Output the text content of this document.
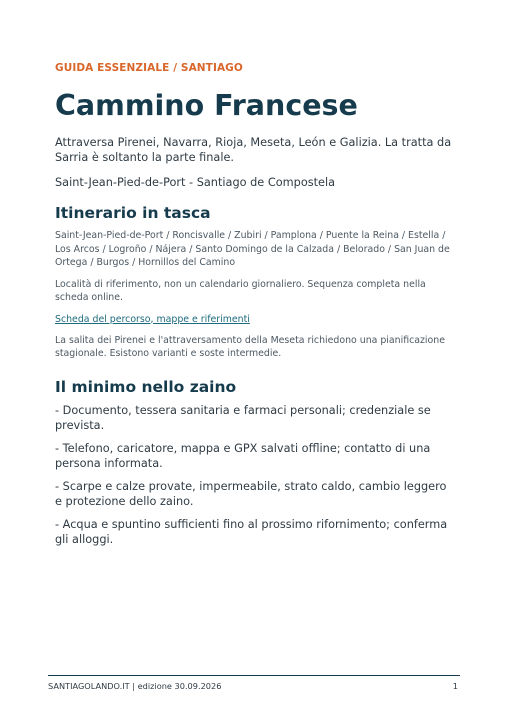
GUIDA ESSENZIALE / SANTIAGO

Cammino Francese

Attraversa Pirenei, Navarra, Rioja, Meseta, León e Galizia. La tratta da Sarria è soltanto la parte finale.

Saint-Jean-Pied-de-Port - Santiago de Compostela

Itinerario in tasca

Saint-Jean-Pied-de-Port / Roncisvalle / Zubiri / Pamplona / Puente la Reina / Estella / Los Arcos / Logroño / Nájera / Santo Domingo de la Calzada / Belorado / San Juan de Ortega / Burgos / Hornillos del Camino

Località di riferimento, non un calendario giornaliero. Sequenza completa nella scheda online.

Scheda del percorso, mappe e riferimenti

La salita dei Pirenei e l'attraversamento della Meseta richiedono una pianificazione stagionale. Esistono varianti e soste intermedie.

Il minimo nello zaino

- Documento, tessera sanitaria e farmaci personali; credenziale se prevista.

- Telefono, caricatore, mappa e GPX salvati offline; contatto di una persona informata.

- Scarpe e calze provate, impermeabile, strato caldo, cambio leggero e protezione dello zaino.

- Acqua e spuntino sufficienti fino al prossimo rifornimento; conferma gli alloggi.

SANTIAGOLANDO.IT | edizione 30.09.2026	1
